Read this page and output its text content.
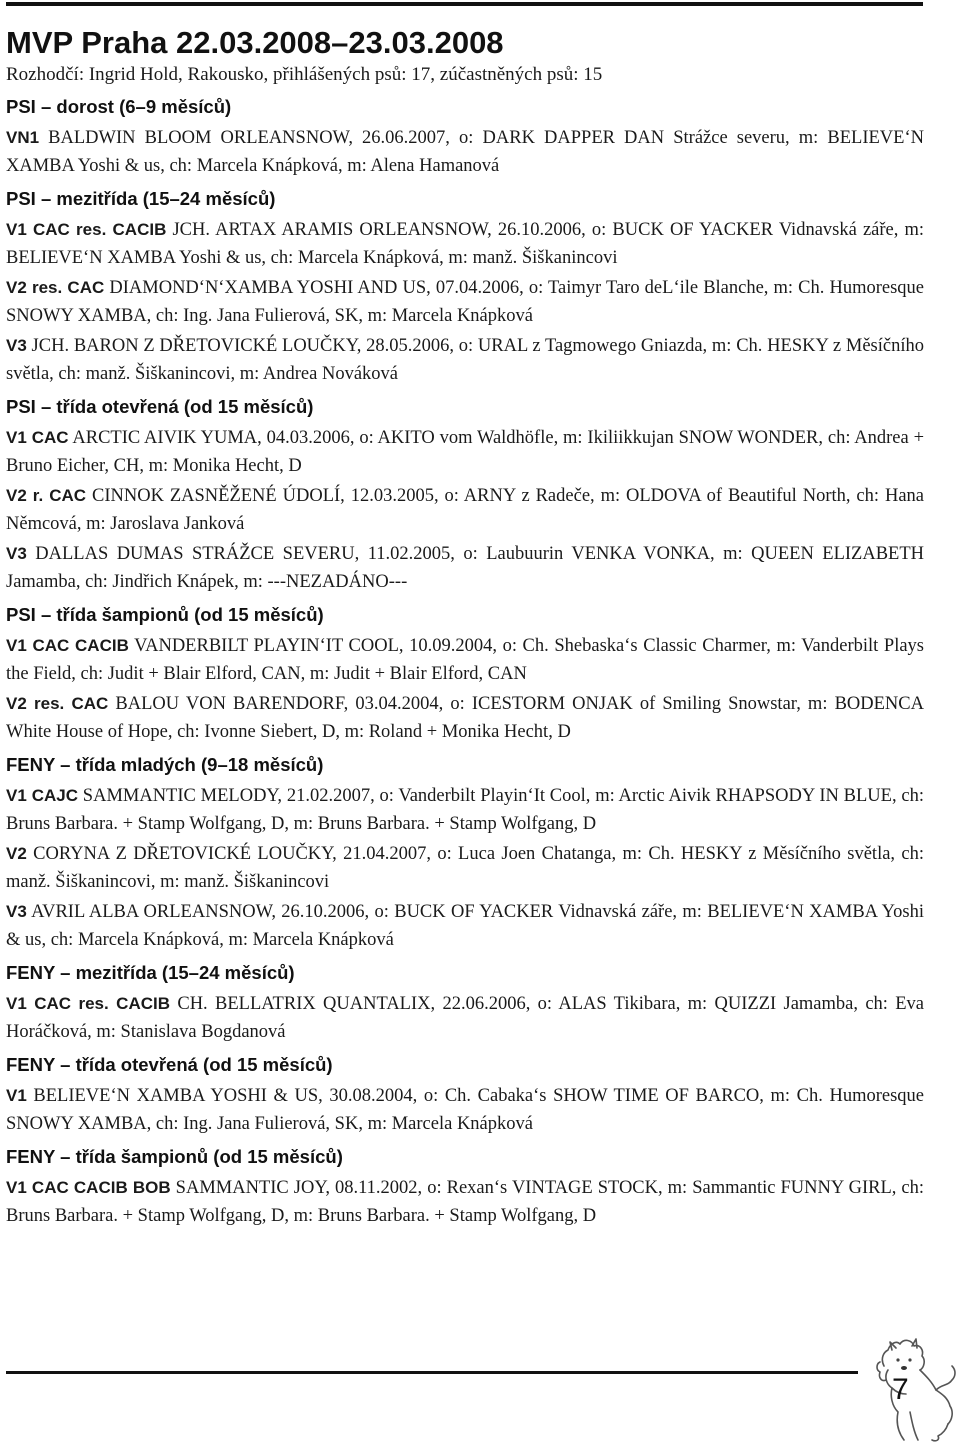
MVP Praha 22.03.2008–23.03.2008

Rozhodčí: Ingrid Hold, Rakousko, přihlášených psů: 17, zúčastněných psů: 15

PSI – dorost (6–9 měsíců)

VN1 BALDWIN BLOOM ORLEANSNOW, 26.06.2007, o: DARK DAPPER DAN Strážce severu, m: BELIEVE‘N XAMBA Yoshi & us, ch: Marcela Knápková, m: Alena Hamanová

PSI – mezitřída (15–24 měsíců)

V1 CAC res. CACIB JCH. ARTAX ARAMIS ORLEANSNOW, 26.10.2006, o: BUCK OF YACKER Vidnavská záře, m: BELIEVE‘N XAMBA Yoshi & us, ch: Marcela Knápková, m: manž. Šiškanincovi

V2 res. CAC DIAMOND‘N‘XAMBA YOSHI AND US, 07.04.2006, o: Taimyr Taro deL‘ile Blanche, m: Ch. Humoresque SNOWY XAMBA, ch: Ing. Jana Fulierová, SK, m: Marcela Knápková

V3 JCH. BARON Z DŘETOVICKÉ LOUČKY, 28.05.2006, o: URAL z Tagmowego Gniazda, m: Ch. HESKY z Měsíčního světla, ch: manž. Šiškanincovi, m: Andrea Nováková

PSI – třída otevřená (od 15 měsíců)

V1 CAC ARCTIC AIVIK YUMA, 04.03.2006, o: AKITO vom Waldhöfle, m: Ikiliikkujan SNOW WONDER, ch: Andrea + Bruno Eicher, CH, m: Monika Hecht, D

V2 r. CAC CINNOK ZASNĚŽENÉ ÚDOLÍ, 12.03.2005, o: ARNY z Radeče, m: OLDOVA of Beautiful North, ch: Hana Němcová, m: Jaroslava Janková

V3 DALLAS DUMAS STRÁŽCE SEVERU, 11.02.2005, o: Laubuurin VENKA VONKA, m: QUEEN ELIZABETH Jamamba, ch: Jindřich Knápek, m: ---NEZADÁNO---

PSI – třída šampionů (od 15 měsíců)

V1 CAC CACIB VANDERBILT PLAYIN‘IT COOL, 10.09.2004, o: Ch. Shebaska‘s Classic Charmer, m: Vanderbilt Plays the Field, ch: Judit + Blair Elford, CAN, m: Judit + Blair Elford, CAN

V2 res. CAC BALOU VON BARENDORF, 03.04.2004, o: ICESTORM ONJAK of Smiling Snowstar, m: BODENCA White House of Hope, ch: Ivonne Siebert, D, m: Roland + Monika Hecht, D

FENY – třída mladých (9–18 měsíců)

V1 CAJC SAMMANTIC MELODY, 21.02.2007, o: Vanderbilt Playin‘It Cool, m: Arctic Aivik RHAPSODY IN BLUE, ch: Bruns Barbara. + Stamp Wolfgang, D, m: Bruns Barbara. + Stamp Wolfgang, D

V2 CORYNA Z DŘETOVICKÉ LOUČKY, 21.04.2007, o: Luca Joen Chatanga, m: Ch. HESKY z Měsíčního světla, ch: manž. Šiškanincovi, m: manž. Šiškanincovi

V3 AVRIL ALBA ORLEANSNOW, 26.10.2006, o: BUCK OF YACKER Vidnavská záře, m: BELIEVE‘N XAMBA Yoshi & us, ch: Marcela Knápková, m: Marcela Knápková

FENY – mezitřída (15–24 měsíců)

V1 CAC res. CACIB CH. BELLATRIX QUANTALIX, 22.06.2006, o: ALAS Tikibara, m: QUIZZI Jamamba, ch: Eva Horáčková, m: Stanislava Bogdanová

FENY – třída otevřená (od 15 měsíců)

V1 BELIEVE‘N XAMBA YOSHI & US, 30.08.2004, o: Ch. Cabaka‘s SHOW TIME OF BARCO, m: Ch. Humoresque SNOWY XAMBA, ch: Ing. Jana Fulierová, SK, m: Marcela Knápková

FENY – třída šampionů (od 15 měsíců)

V1 CAC CACIB BOB SAMMANTIC JOY, 08.11.2002, o: Rexan‘s VINTAGE STOCK, m: Sammantic FUNNY GIRL, ch: Bruns Barbara. + Stamp Wolfgang, D, m: Bruns Barbara. + Stamp Wolfgang, D

7
